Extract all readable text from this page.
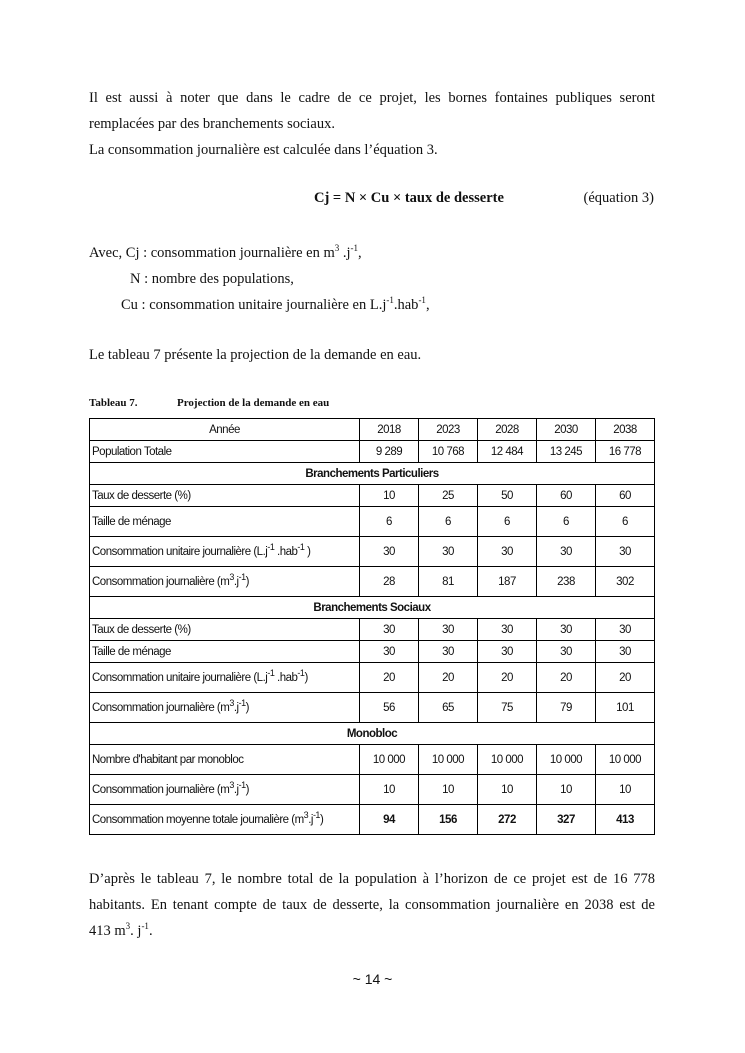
Il est aussi à noter que dans le cadre de ce projet, les bornes fontaines publiques seront
remplacées par des branchements sociaux.
La consommation journalière est calculée dans l’équation 3.
Cj = N × Cu × taux de desserte	(équation 3)
Avec, Cj : consommation journalière en $m^3$ $.j^{-1}$,
N : nombre des populations,
Cu : consommation unitaire journalière en $L.j^{-1}.hab^{-1}$,
Le tableau 7 présente la projection de la demande en eau.
Tableau 7.	Projection de la demande en eau
Année	2018	2023	2028	2030	2038
Population Totale	9 289	10 768	12 484	13 245	16 778
Branchements Particuliers					
Taux de desserte (%)	10	25	50	60	60
Taille de ménage	6	6	6	6	6
Consommation unitaire journalière ($L.j^{-1}$ .hab$^{-1}$ )	30	30	30	30	30
Consommation journalière $(m^3.j^{-1})$	28	81	187	238	302
Branchements Sociaux					
Taux de desserte (%)	30	30	30	30	30
Taille de ménage	30	30	30	30	30
Consommation unitaire journalière ($L.j^{-1}$ .hab$^{-1}$)	20	20	20	20	20
Consommation journalière $(m^3.j^{-1})$	56	65	75	79	101
Monobloc					
Nombre d'habitant par monobloc	10 000	10 000	10 000	10 000	10 000
Consommation journalière $(m^3.j^{-1})$	10	10	10	10	10
Consommation moyenne totale journalière $(m^3.j^{-1})$	94	156	272	327	413
D’après le tableau 7, le nombre total de la population à l’horizon de ce projet est de 16 778
habitants. En tenant compte de taux de desserte, la consommation journalière en 2038 est de
413 $m^3$. $j^{-1}$.
~ 14 ~
